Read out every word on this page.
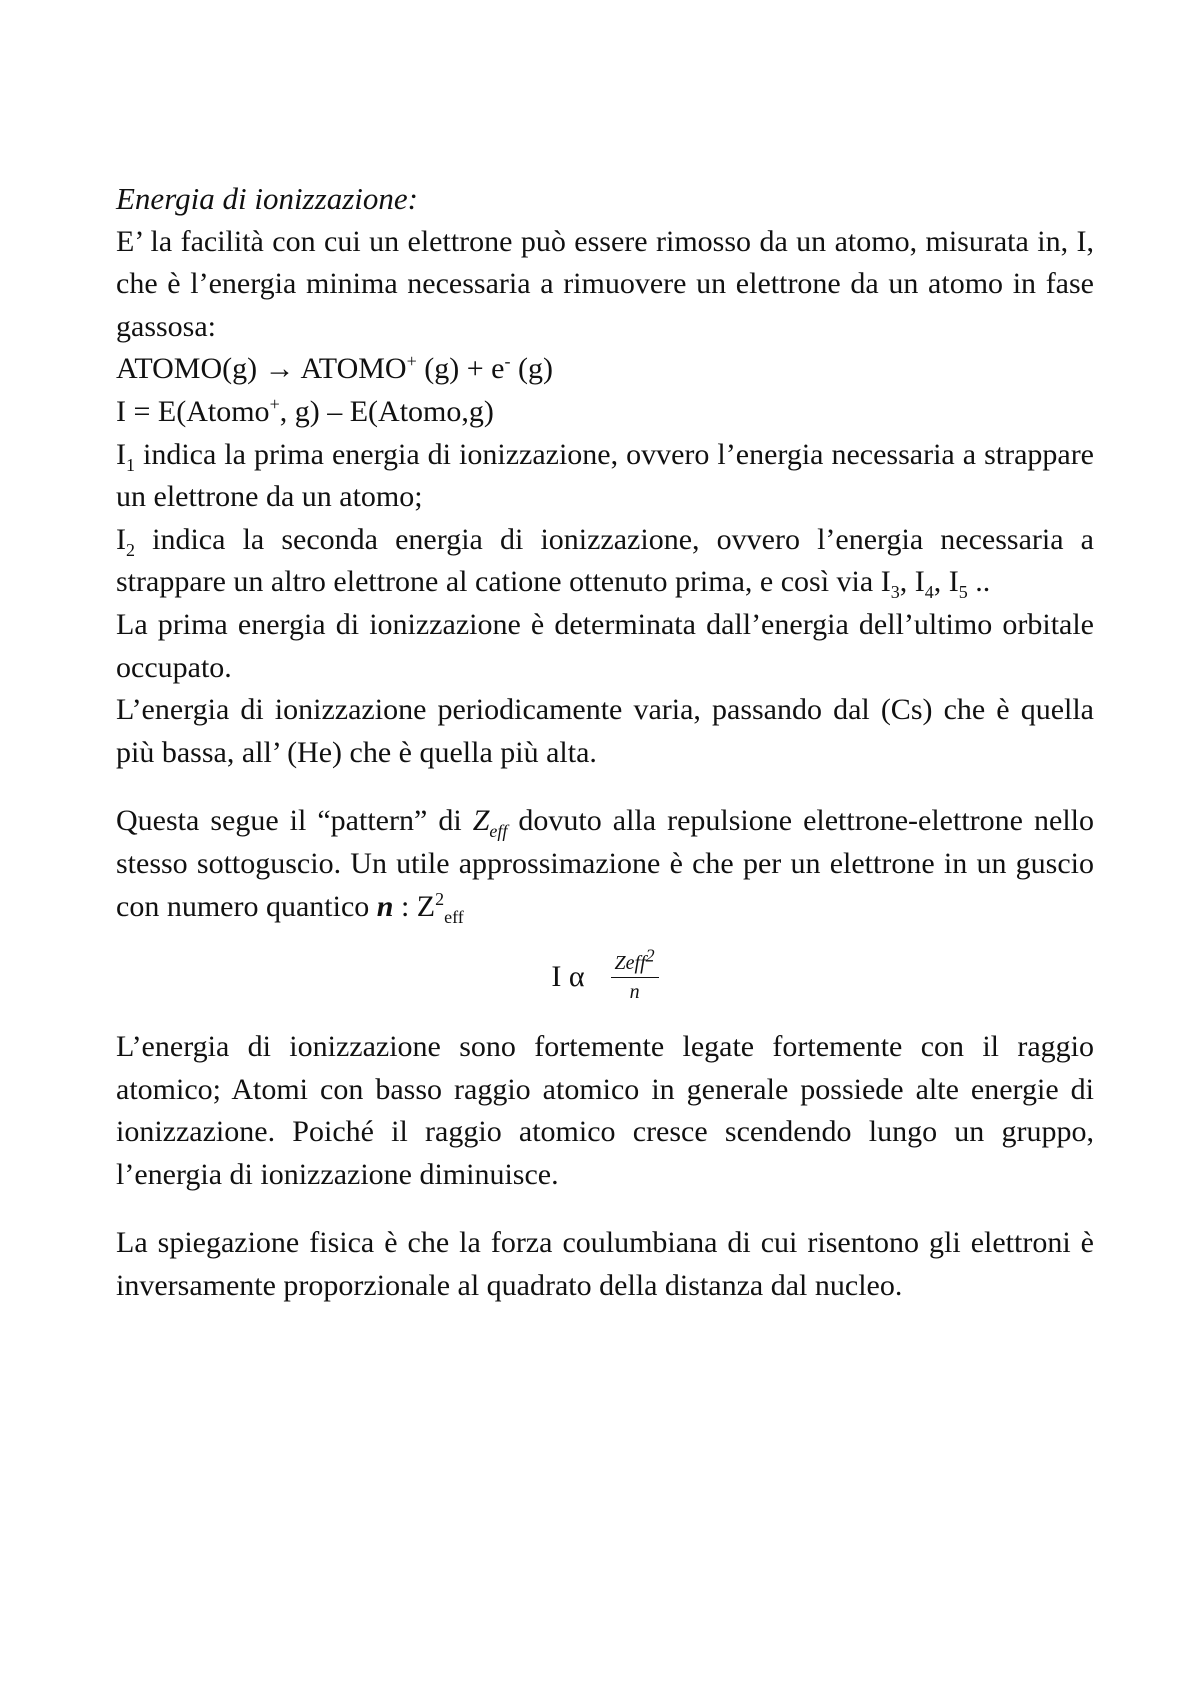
Energia di ionizzazione:

E’ la facilità con cui un elettrone può essere rimosso da un atomo, misurata in, I, che è l’energia minima necessaria a rimuovere un elettrone da un atomo in fase gassosa:

ATOMO(g) → ATOMO+ (g) + e- (g)

I = E(Atomo+, g) – E(Atomo,g)

$I_1$ indica la prima energia di ionizzazione, ovvero l’energia necessaria a strappare un elettrone da un atomo;

$I_2$ indica la seconda energia di ionizzazione, ovvero l’energia necessaria a strappare un altro elettrone al catione ottenuto prima, e così via $I_3$, $I_4$, $I_5$ ..

La prima energia di ionizzazione è determinata dall’energia dell’ultimo orbitale occupato.

L’energia di ionizzazione periodicamente varia, passando dal (Cs) che è quella più bassa, all’ (He) che è quella più alta.

Questa segue il “pattern” di $Z_{eff}$ dovuto alla repulsione elettrone-elettrone nello stesso sottoguscio. Un utile approssimazione è che per un elettrone in un guscio con numero quantico n : $Z^2_{eff}$

I α $\frac{Zeff^2}{n}$

L’energia di ionizzazione sono fortemente legate fortemente con il raggio atomico; Atomi con basso raggio atomico in generale possiede alte energie di ionizzazione. Poiché il raggio atomico cresce scendendo lungo un gruppo, l’energia di ionizzazione diminuisce.

La spiegazione fisica è che la forza coulumbiana di cui risentono gli elettroni è inversamente proporzionale al quadrato della distanza dal nucleo.
